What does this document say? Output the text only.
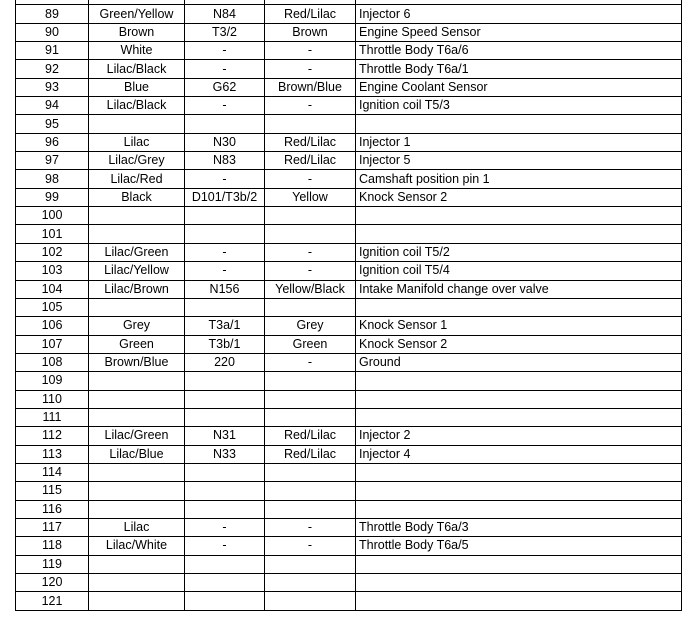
89	Green/Yellow	N84	Red/Lilac	Injector 6
90	Brown	T3/2	Brown	Engine Speed Sensor
91	White	-	-	Throttle Body T6a/6
92	Lilac/Black	-	-	Throttle Body T6a/1
93	Blue	G62	Brown/Blue	Engine Coolant Sensor
94	Lilac/Black	-	-	Ignition coil T5/3
95				
96	Lilac	N30	Red/Lilac	Injector 1
97	Lilac/Grey	N83	Red/Lilac	Injector 5
98	Lilac/Red	-	-	Camshaft position pin 1
99	Black	D101/T3b/2	Yellow	Knock Sensor 2
100				
101				
102	Lilac/Green	-	-	Ignition coil T5/2
103	Lilac/Yellow	-	-	Ignition coil T5/4
104	Lilac/Brown	N156	Yellow/Black	Intake Manifold change over valve
105				
106	Grey	T3a/1	Grey	Knock Sensor 1
107	Green	T3b/1	Green	Knock Sensor 2
108	Brown/Blue	220	-	Ground
109				
110				
111				
112	Lilac/Green	N31	Red/Lilac	Injector 2
113	Lilac/Blue	N33	Red/Lilac	Injector 4
114				
115				
116				
117	Lilac	-	-	Throttle Body T6a/3
118	Lilac/White	-	-	Throttle Body T6a/5
119				
120				
121				
